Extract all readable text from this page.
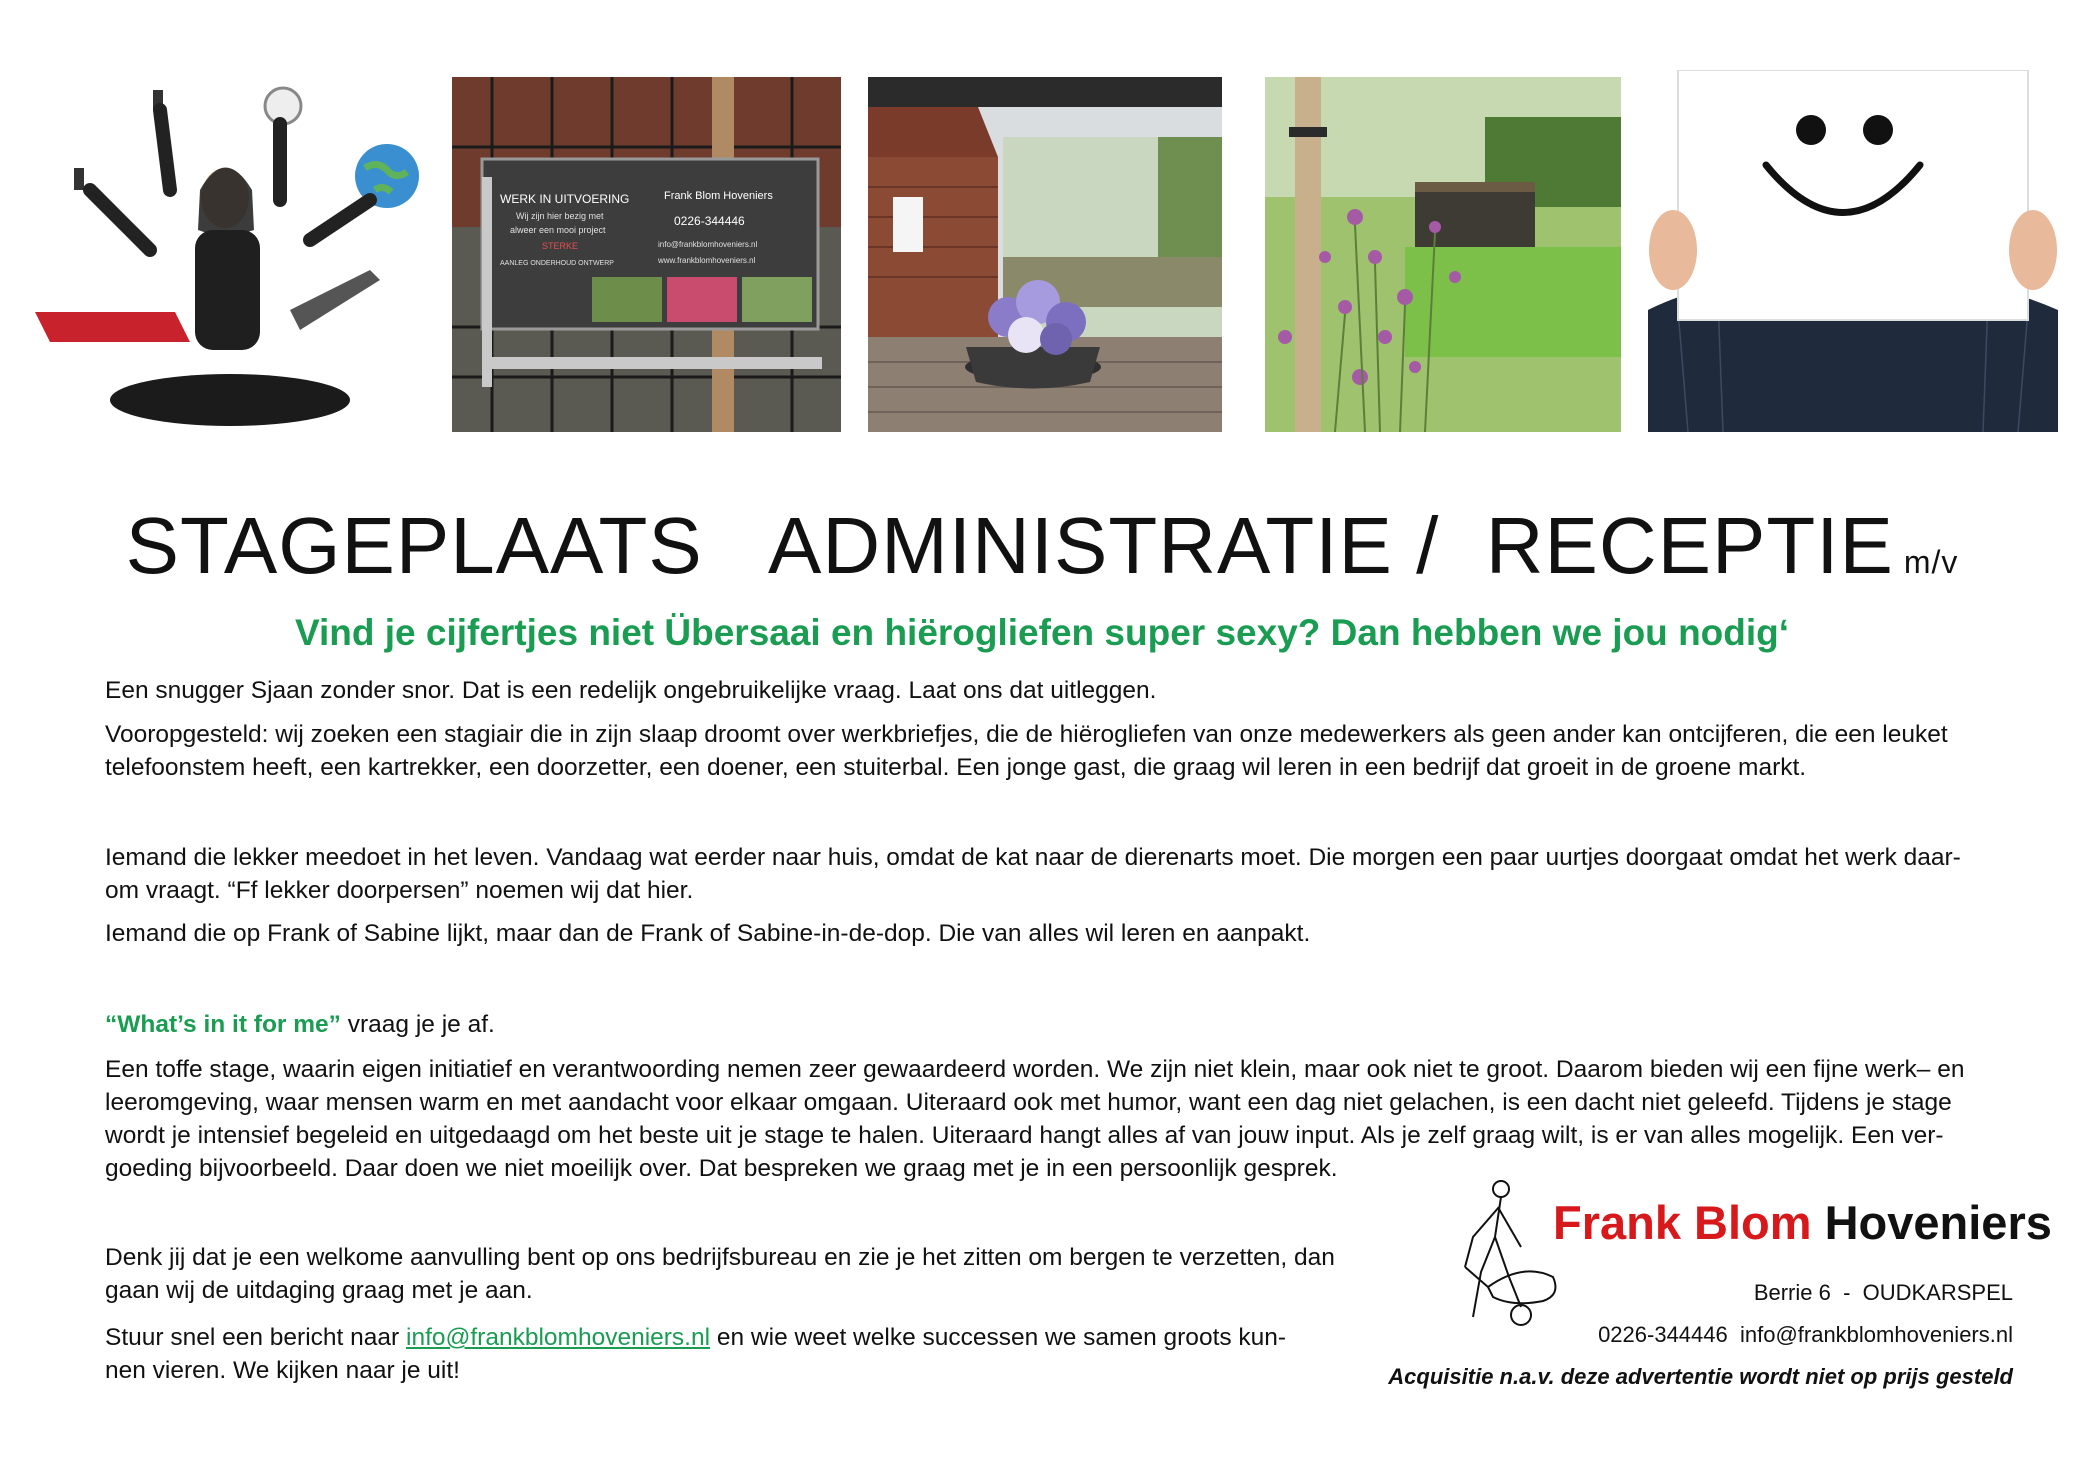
WERK IN UITVOERING
Wij zijn hier bezig met
alweer een mooi project
STERKE
AANLEG ONDERHOUD ONTWERP
Frank Blom Hoveniers
0226-344446
info@frankblomhoveniers.nl
www.frankblomhoveniers.nl
STAGEPLAATS   ADMINISTRATIE /  RECEPTIE m/v
Vind je cijfertjes niet Übersaai en hiërogliefen super sexy? Dan hebben we jou nodig‘
Een snugger Sjaan zonder snor. Dat is een redelijk ongebruikelijke vraag. Laat ons dat uitleggen.
Vooropgesteld: wij zoeken een stagiair die in zijn slaap droomt over werkbriefjes, die de hiërogliefen van onze medewerkers als geen ander kan ontcijferen, die een leuket
telefoonstem heeft, een kartrekker, een doorzetter, een doener, een stuiterbal. Een jonge gast, die graag wil leren in een bedrijf dat groeit in de groene markt.
Iemand die lekker meedoet in het leven. Vandaag wat eerder naar huis, omdat de kat naar de dierenarts moet. Die morgen een paar uurtjes doorgaat omdat het werk daar-
om vraagt. “Ff lekker doorpersen” noemen wij dat hier.
Iemand die op Frank of Sabine lijkt, maar dan de Frank of Sabine-in-de-dop. Die van alles wil leren en aanpakt.
“What’s in it for me” vraag je je af.
Een toffe stage, waarin eigen initiatief en verantwoording nemen zeer gewaardeerd worden. We zijn niet klein, maar ook niet te groot. Daarom bieden wij een fijne werk– en
leeromgeving, waar mensen warm en met aandacht voor elkaar omgaan. Uiteraard ook met humor, want een dag niet gelachen, is een dacht niet geleefd. Tijdens je stage
wordt je intensief begeleid en uitgedaagd om het beste uit je stage te halen. Uiteraard hangt alles af van jouw input. Als je zelf graag wilt, is er van alles mogelijk. Een ver-
goeding bijvoorbeeld. Daar doen we niet moeilijk over. Dat bespreken we graag met je in een persoonlijk gesprek.
Denk jij dat je een welkome aanvulling bent op ons bedrijfsbureau en zie je het zitten om bergen te verzetten, dan
gaan wij de uitdaging graag met je aan.
Stuur snel een bericht naar info@frankblomhoveniers.nl en wie weet welke successen we samen groots kun-
nen vieren. We kijken naar je uit!
Frank Blom Hoveniers
Berrie 6  -  OUDKARSPEL
0226-344446  info@frankblomhoveniers.nl
Acquisitie n.a.v. deze advertentie wordt niet op prijs gesteld
